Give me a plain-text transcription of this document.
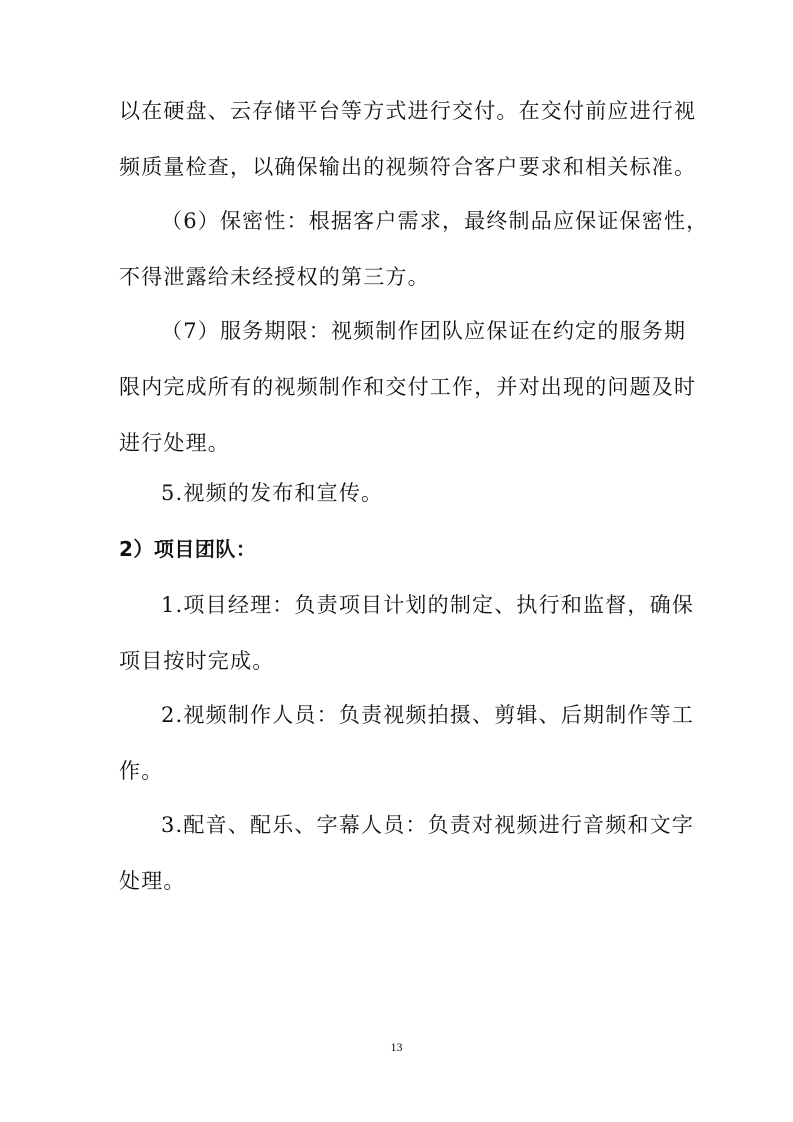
以在硬盘、云存储平台等方式进行交付。在交付前应进行视
频质量检查，以确保输出的视频符合客户要求和相关标准。

（6）保密性：根据客户需求，最终制品应保证保密性，
不得泄露给未经授权的第三方。

（7）服务期限：视频制作团队应保证在约定的服务期
限内完成所有的视频制作和交付工作，并对出现的问题及时
进行处理。

5.视频的发布和宣传。

2）项目团队：

1.项目经理：负责项目计划的制定、执行和监督，确保
项目按时完成。

2.视频制作人员：负责视频拍摄、剪辑、后期制作等工
作。

3.配音、配乐、字幕人员：负责对视频进行音频和文字
处理。

13
